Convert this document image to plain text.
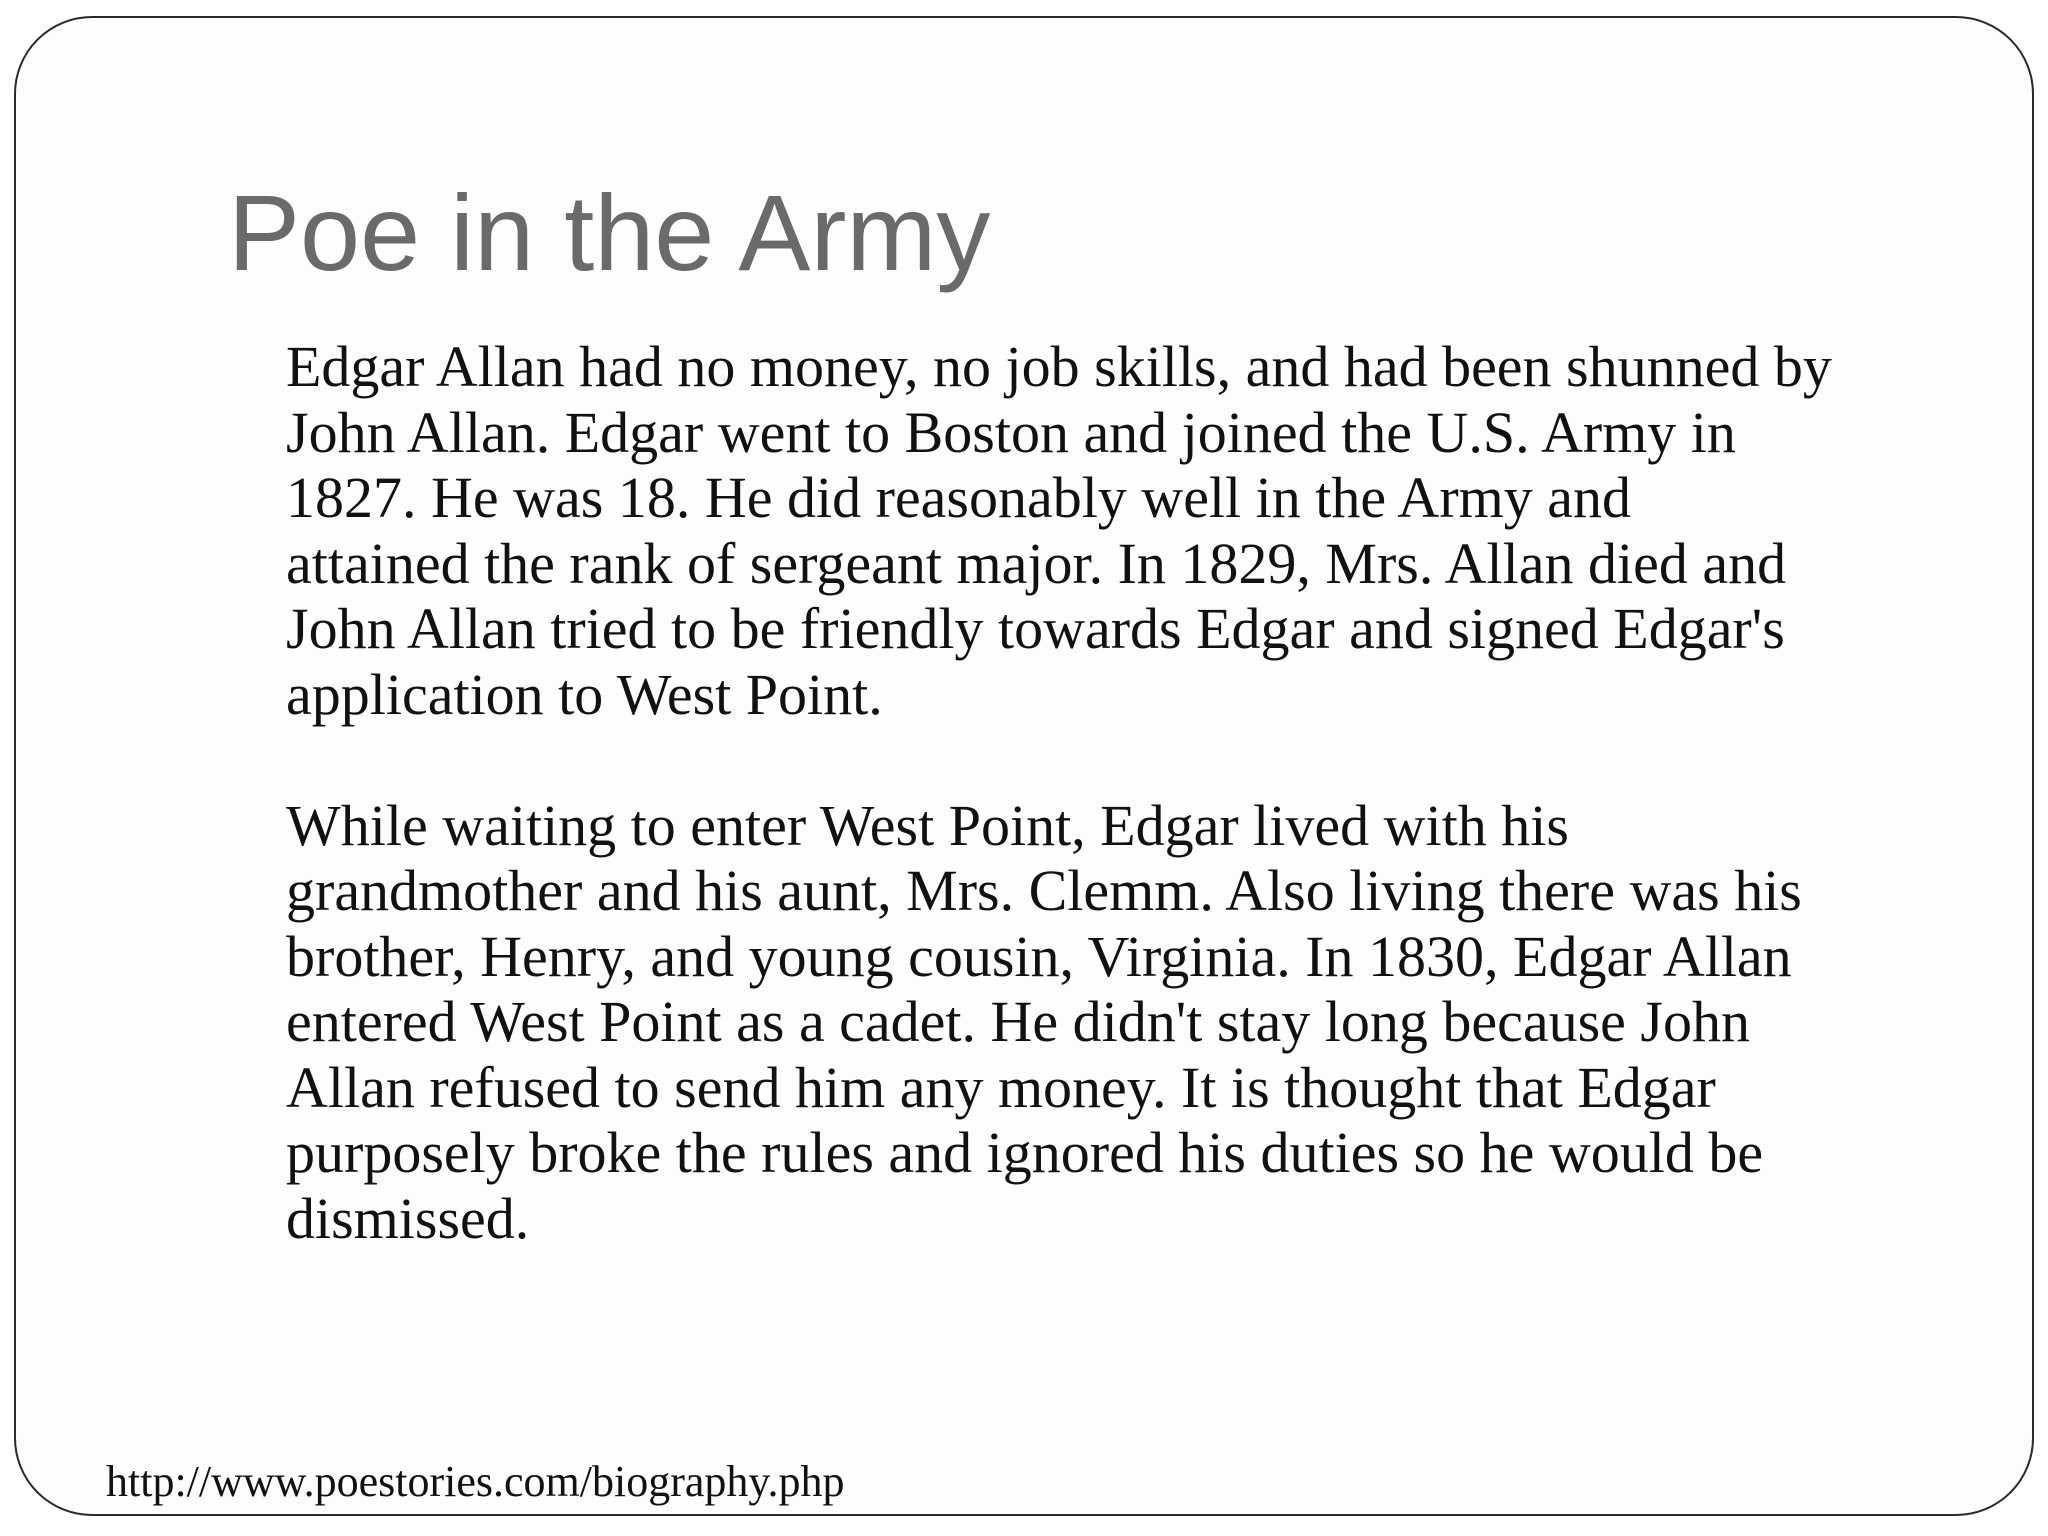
Poe in the Army

Edgar Allan had no money, no job skills, and had been shunned by
John Allan. Edgar went to Boston and joined the U.S. Army in
1827. He was 18. He did reasonably well in the Army and
attained the rank of sergeant major. In 1829, Mrs. Allan died and
John Allan tried to be friendly towards Edgar and signed Edgar's
application to West Point.

While waiting to enter West Point, Edgar lived with his
grandmother and his aunt, Mrs. Clemm. Also living there was his
brother, Henry, and young cousin, Virginia. In 1830, Edgar Allan
entered West Point as a cadet. He didn't stay long because John
Allan refused to send him any money. It is thought that Edgar
purposely broke the rules and ignored his duties so he would be
dismissed.

http://www.poestories.com/biography.php
